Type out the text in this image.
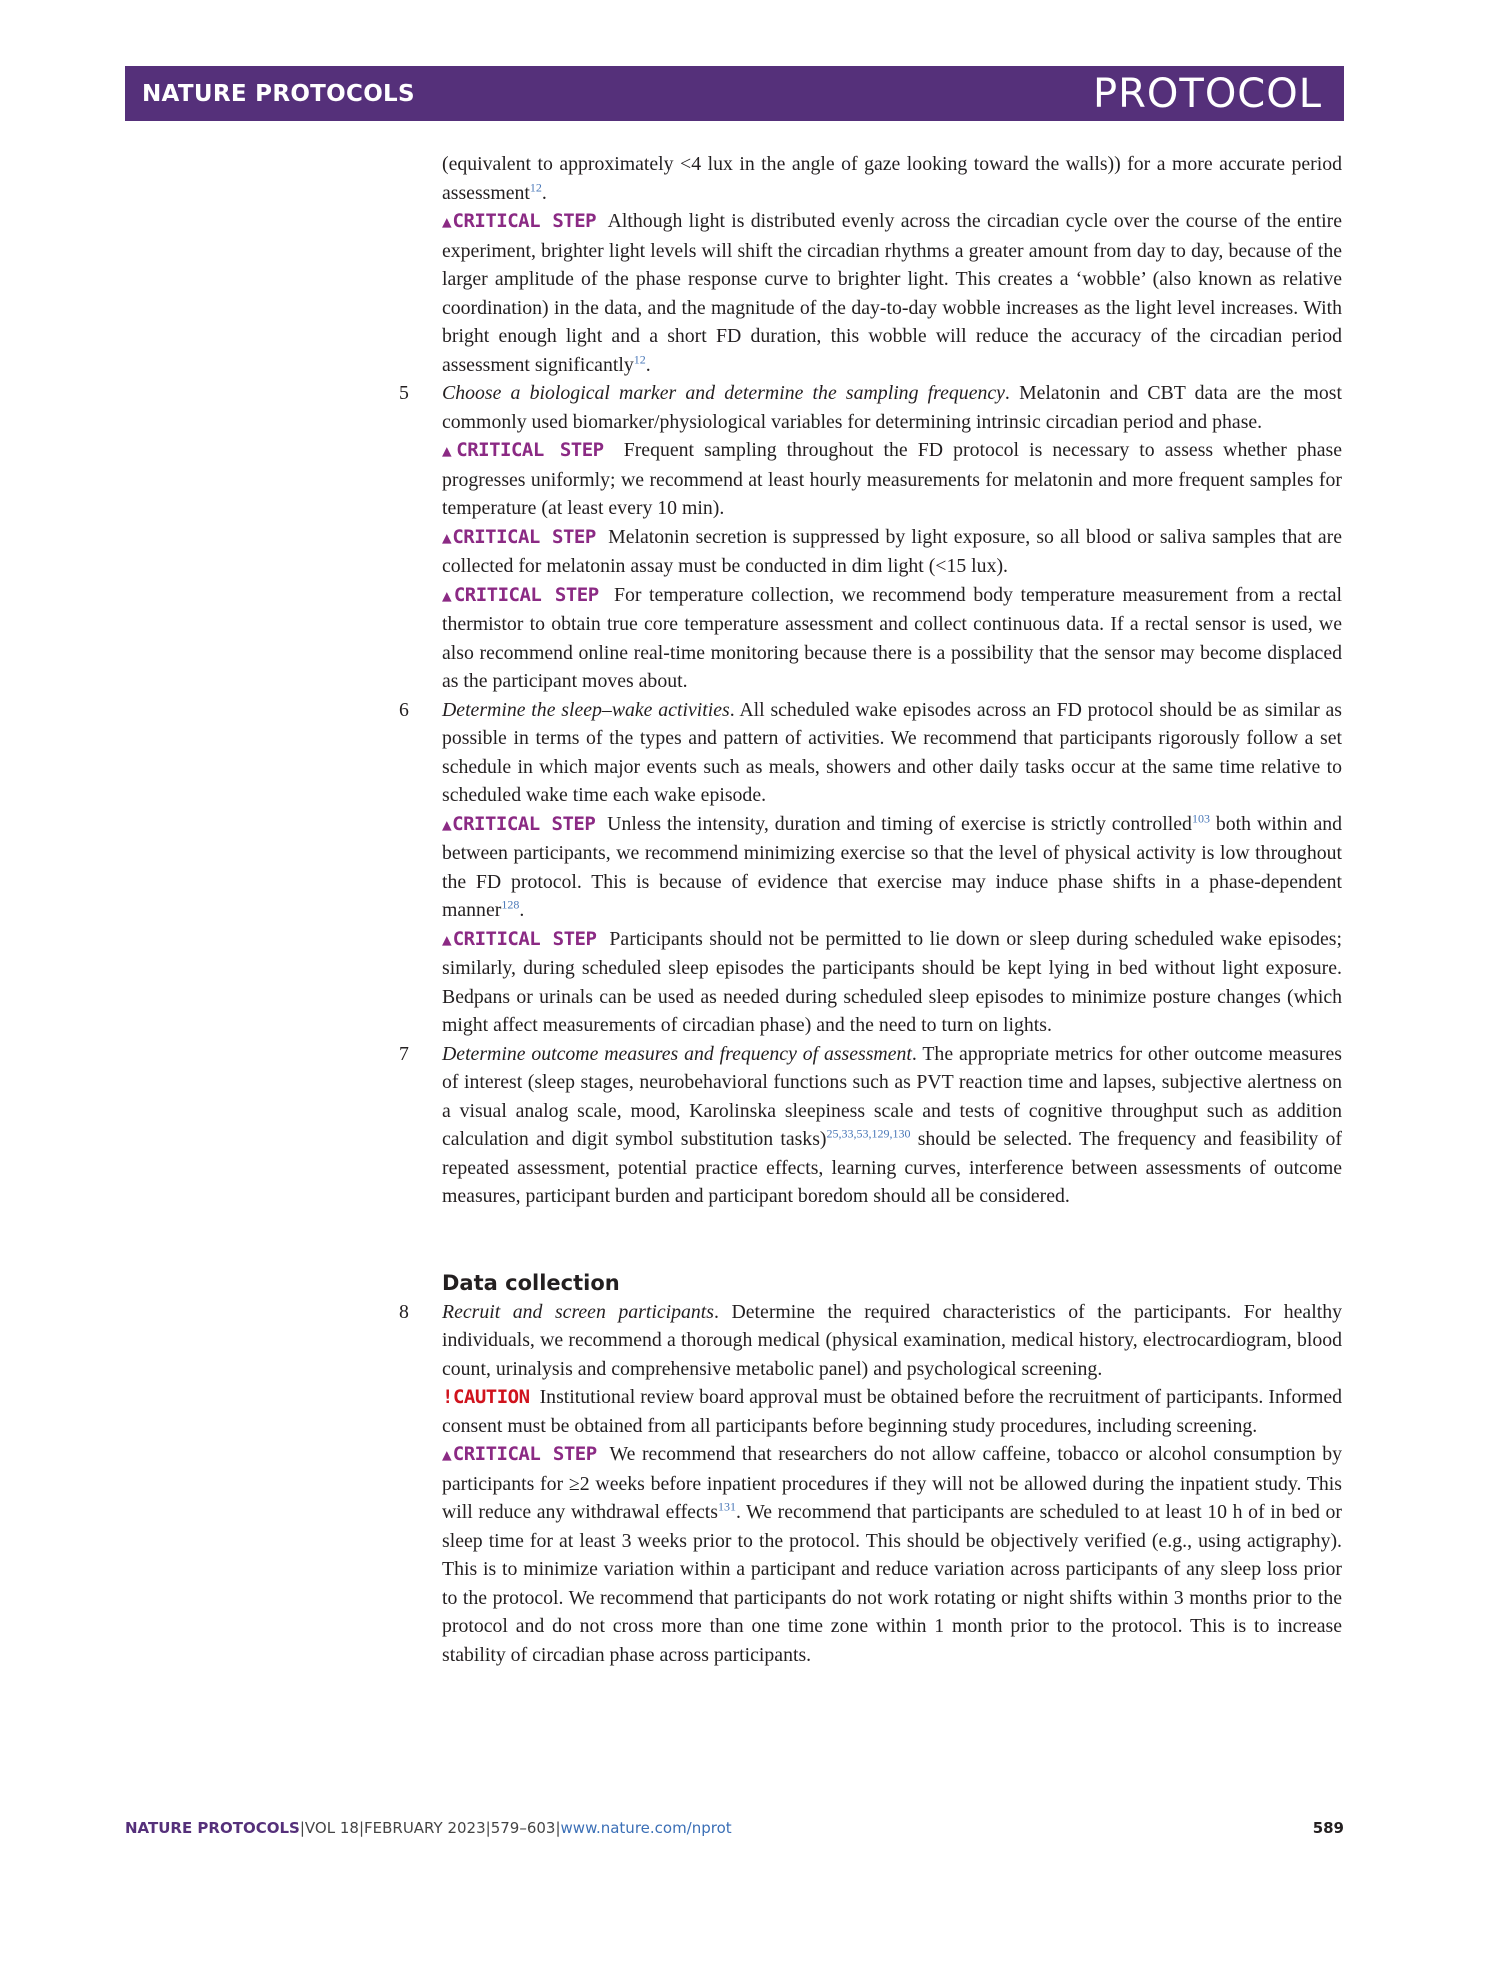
NATURE PROTOCOLS	PROTOCOL

(equivalent to approximately <4 lux in the angle of gaze looking toward the walls)) for a more accurate period assessment$^{12}$.

▲CRITICAL STEP Although light is distributed evenly across the circadian cycle over the course of the entire experiment, brighter light levels will shift the circadian rhythms a greater amount from day to day, because of the larger amplitude of the phase response curve to brighter light. This creates a ‘wobble’ (also known as relative coordination) in the data, and the magnitude of the day-to-day wobble increases as the light level increases. With bright enough light and a short FD duration, this wobble will reduce the accuracy of the circadian period assessment significantly$^{12}$.

5 Choose a biological marker and determine the sampling frequency. Melatonin and CBT data are the most commonly used biomarker/physiological variables for determining intrinsic circadian period and phase.

▲CRITICAL STEP Frequent sampling throughout the FD protocol is necessary to assess whether phase progresses uniformly; we recommend at least hourly measurements for melatonin and more frequent samples for temperature (at least every 10 min).

▲CRITICAL STEP Melatonin secretion is suppressed by light exposure, so all blood or saliva samples that are collected for melatonin assay must be conducted in dim light (<15 lux).

▲CRITICAL STEP For temperature collection, we recommend body temperature measurement from a rectal thermistor to obtain true core temperature assessment and collect continuous data. If a rectal sensor is used, we also recommend online real-time monitoring because there is a possibility that the sensor may become displaced as the participant moves about.

6 Determine the sleep–wake activities. All scheduled wake episodes across an FD protocol should be as similar as possible in terms of the types and pattern of activities. We recommend that participants rigorously follow a set schedule in which major events such as meals, showers and other daily tasks occur at the same time relative to scheduled wake time each wake episode.

▲CRITICAL STEP Unless the intensity, duration and timing of exercise is strictly controlled$^{103}$ both within and between participants, we recommend minimizing exercise so that the level of physical activity is low throughout the FD protocol. This is because of evidence that exercise may induce phase shifts in a phase-dependent manner$^{128}$.

▲CRITICAL STEP Participants should not be permitted to lie down or sleep during scheduled wake episodes; similarly, during scheduled sleep episodes the participants should be kept lying in bed without light exposure. Bedpans or urinals can be used as needed during scheduled sleep episodes to minimize posture changes (which might affect measurements of circadian phase) and the need to turn on lights.

7 Determine outcome measures and frequency of assessment. The appropriate metrics for other outcome measures of interest (sleep stages, neurobehavioral functions such as PVT reaction time and lapses, subjective alertness on a visual analog scale, mood, Karolinska sleepiness scale and tests of cognitive throughput such as addition calculation and digit symbol substitution tasks)$^{25,33,53,129,130}$ should be selected. The frequency and feasibility of repeated assessment, potential practice effects, learning curves, interference between assessments of outcome measures, participant burden and participant boredom should all be considered.

Data collection
8 Recruit and screen participants. Determine the required characteristics of the participants. For healthy individuals, we recommend a thorough medical (physical examination, medical history, electrocardiogram, blood count, urinalysis and comprehensive metabolic panel) and psychological screening.

!CAUTION Institutional review board approval must be obtained before the recruitment of participants. Informed consent must be obtained from all participants before beginning study procedures, including screening.

▲CRITICAL STEP We recommend that researchers do not allow caffeine, tobacco or alcohol consumption by participants for ≥2 weeks before inpatient procedures if they will not be allowed during the inpatient study. This will reduce any withdrawal effects$^{131}$. We recommend that participants are scheduled to at least 10 h of in bed or sleep time for at least 3 weeks prior to the protocol. This should be objectively verified (e.g., using actigraphy). This is to minimize variation within a participant and reduce variation across participants of any sleep loss prior to the protocol. We recommend that participants do not work rotating or night shifts within 3 months prior to the protocol and do not cross more than one time zone within 1 month prior to the protocol. This is to increase stability of circadian phase across participants.

NATURE PROTOCOLS|VOL 18|FEBRUARY 2023|579–603|www.nature.com/nprot	589
